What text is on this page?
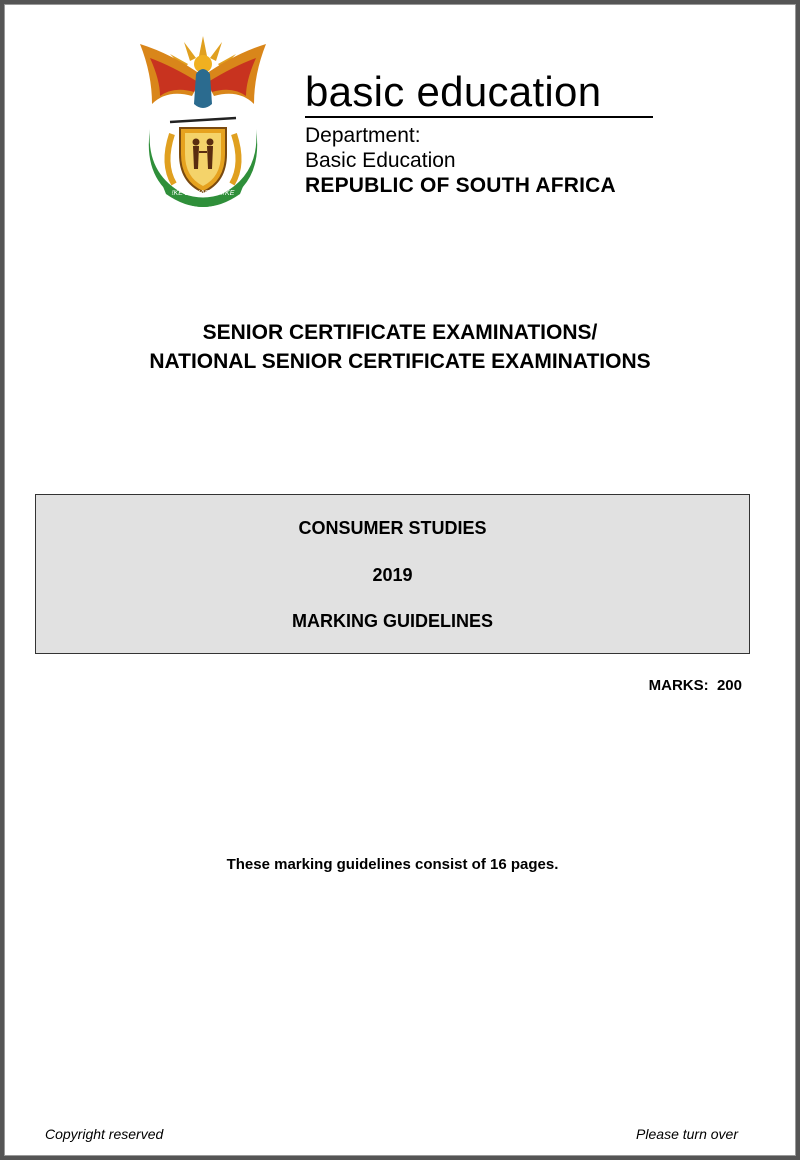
!KE E: /XARRA //KE
basic education
Department:
Basic Education
REPUBLIC OF SOUTH AFRICA
SENIOR CERTIFICATE EXAMINATIONS/
NATIONAL SENIOR CERTIFICATE EXAMINATIONS
CONSUMER STUDIES
2019
MARKING GUIDELINES
MARKS: 200
These marking guidelines consist of 16 pages.
Copyright reserved	Please turn over
